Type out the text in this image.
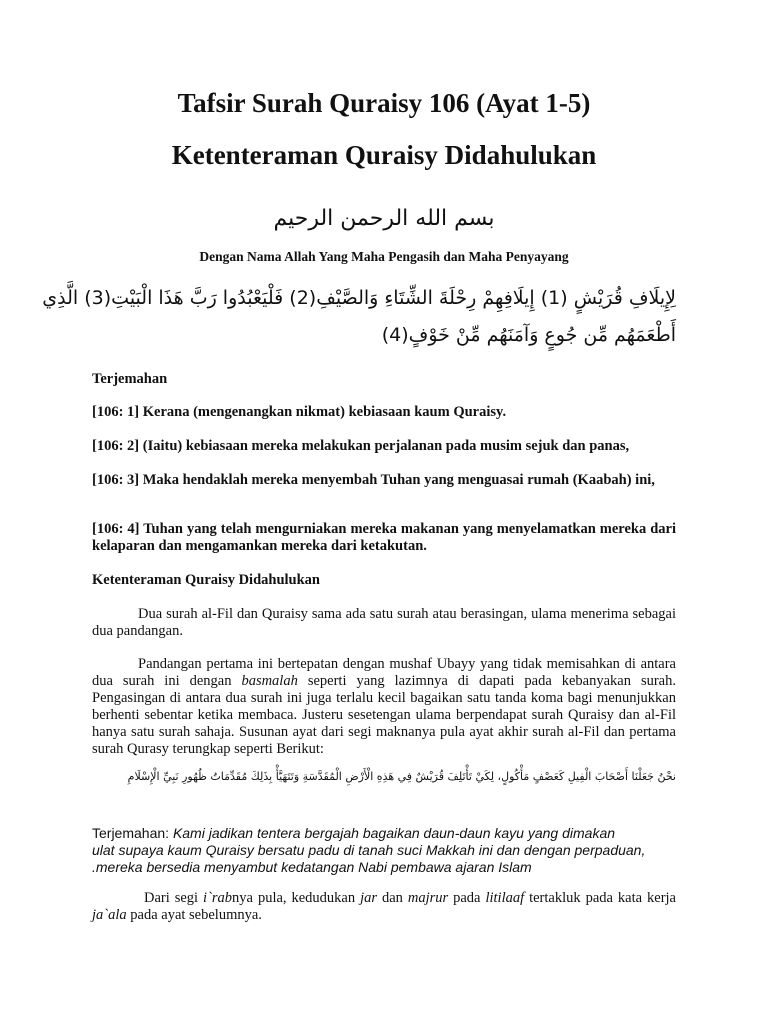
Tafsir Surah Quraisy 106 (Ayat 1-5)
Ketenteraman Quraisy Didahulukan
بسم الله الرحمن الرحيم
Dengan Nama Allah Yang Maha Pengasih dan Maha Penyayang
لِإِيلَافِ قُرَيْشٍ (1) إِيلَافِهِمْ رِحْلَةَ الشِّتَاءِ وَالصَّيْفِ(2) فَلْيَعْبُدُوا رَبَّ هَذَا الْبَيْتِ(3) الَّذِي
أَطْعَمَهُم مِّن جُوعٍ وَآمَنَهُم مِّنْ خَوْفٍ(4)
Terjemahan
[106: 1] Kerana (mengenangkan nikmat) kebiasaan kaum Quraisy.
[106: 2] (Iaitu) kebiasaan mereka melakukan perjalanan pada musim sejuk dan panas,
[106: 3] Maka hendaklah mereka menyembah Tuhan yang menguasai rumah (Kaabah) ini,
[106: 4] Tuhan yang telah mengurniakan mereka makanan yang menyelamatkan mereka dari kelaparan dan mengamankan mereka dari ketakutan.
Ketenteraman Quraisy Didahulukan
Dua surah al-Fil dan Quraisy sama ada satu surah atau berasingan, ulama menerima sebagai dua pandangan.
Pandangan pertama ini bertepatan dengan mushaf Ubayy yang tidak memisahkan di antara dua surah ini dengan basmalah seperti yang lazimnya di dapati pada kebanyakan surah. Pengasingan di antara dua surah ini juga terlalu kecil bagaikan satu tanda koma bagi menunjukkan berhenti sebentar ketika membaca. Justeru sesetengan ulama berpendapat surah Quraisy dan al-Fil hanya satu surah sahaja. Susunan ayat dari segi maknanya pula ayat akhir surah al-Fil dan pertama surah Qurasy terungkap seperti Berikut:
نحْنُ جَعَلْنَا أَصْحَابَ الْفِيلِ كَعَصْفٍ مَأْكُولٍ، لِكَيْ تَأْتَلِفَ قُرَيْشٌ فِي هَذِهِ الْأَرْضِ الْمُقَدَّسَةِ وَتَتَهَيَّأْ بِذَلِكَ مُقَدِّمَاتُ ظُهُورِ نَبِيِّ الْإِسْلَامِ
Terjemahan: Kami jadikan tentera bergajah bagaikan daun-daun kayu yang dimakan
ulat supaya kaum Quraisy bersatu padu di tanah suci Makkah ini dan dengan perpaduan,
.mereka bersedia menyambut kedatangan Nabi pembawa ajaran Islam
Dari segi i`rabnya pula, kedudukan jar dan majrur pada litilaaf tertakluk pada kata kerja ja`ala pada ayat sebelumnya.
